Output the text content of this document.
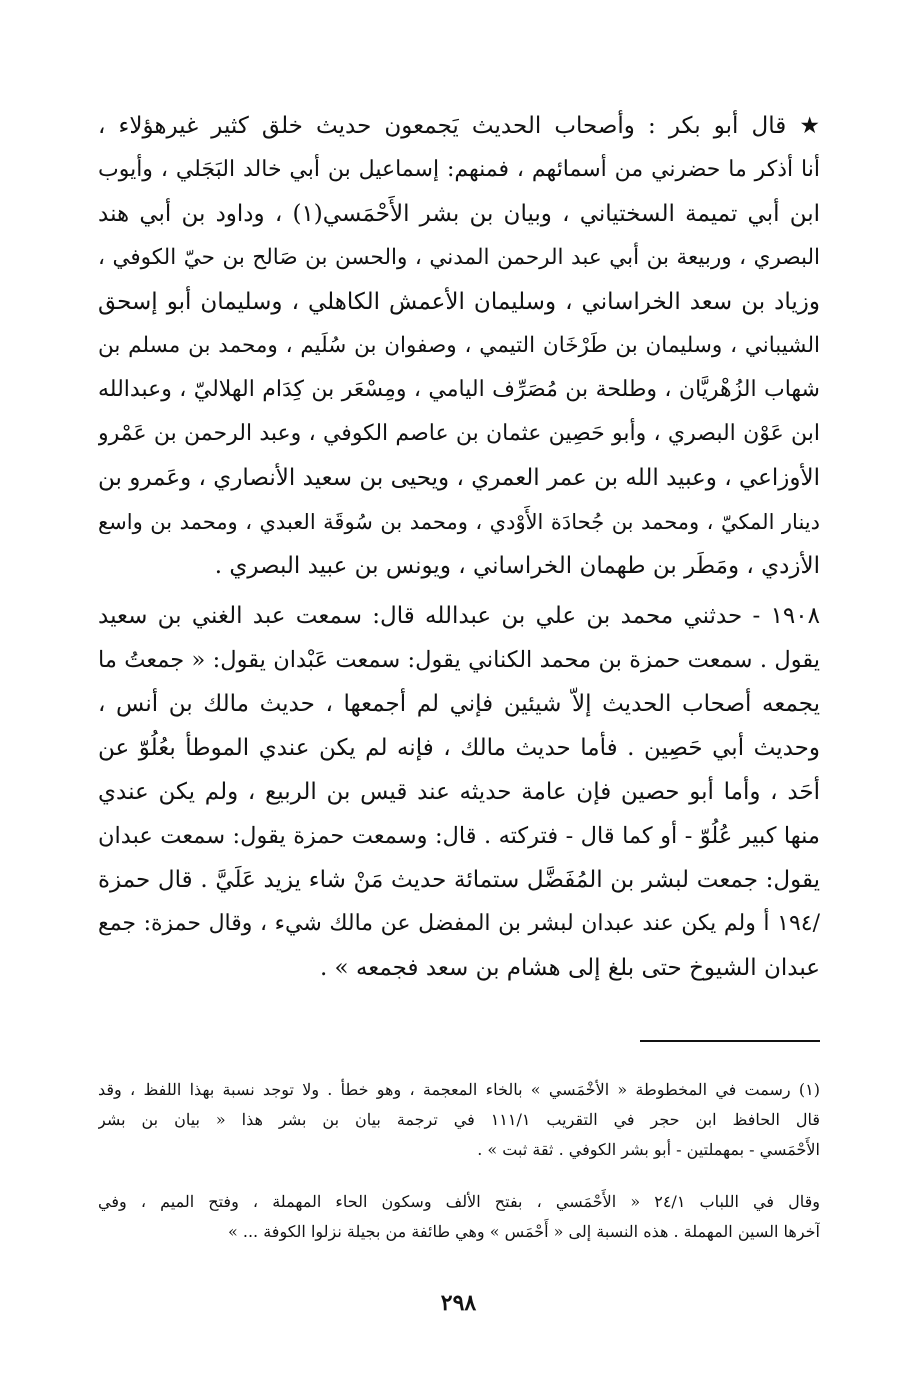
★ قال أبو بكر : وأصحاب الحديث يَجمعون حديث خلق كثير غيرهؤلاء ،
أنا أذكر ما حضرني من أسمائهم ، فمنهم: إسماعيل بن أبي خالد البَجَلي ، وأيوب
ابن أبي تميمة السختياني ، وبيان بن بشر الأَحْمَسي(١) ، وداود بن أبي هند
البصري ، وربيعة بن أبي عبد الرحمن المدني ، والحسن بن صَالح بن حيّ الكوفي ،
وزياد بن سعد الخراساني ، وسليمان الأعمش الكاهلي ، وسليمان أبو إسحق
الشيباني ، وسليمان بن طَرْخَان التيمي ، وصفوان بن سُلَيم ، ومحمد بن مسلم بن
شهاب الزُهْريَّان ، وطلحة بن مُصَرِّف اليامي ، ومِسْعَر بن كِدَام الهلاليّ ، وعبدالله
ابن عَوْن البصري ، وأبو حَصِين عثمان بن عاصم الكوفي ، وعبد الرحمن بن عَمْرو
الأوزاعي ، وعبيد الله بن عمر العمري ، ويحيى بن سعيد الأنصاري ، وعَمرو بن
دينار المكيّ ، ومحمد بن جُحادَة الأَوْدي ، ومحمد بن سُوقَة العبدي ، ومحمد بن واسع
الأزدي ، ومَطَر بن طهمان الخراساني ، ويونس بن عبيد البصري .
١٩٠٨ - حدثني محمد بن علي بن عبدالله قال: سمعت عبد الغني بن سعيد
يقول . سمعت حمزة بن محمد الكناني يقول: سمعت عَبْدان يقول: « جمعتُ ما
يجمعه أصحاب الحديث إلاّ شيئين فإني لم أجمعها ، حديث مالك بن أنس ،
وحديث أبي حَصِين . فأما حديث مالك ، فإنه لم يكن عندي الموطأ بعُلُوّ عن
أحَد ، وأما أبو حصين فإن عامة حديثه عند قيس بن الربيع ، ولم يكن عندي
منها كبير عُلُوّ - أو كما قال - فتركته . قال: وسمعت حمزة يقول: سمعت عبدان
يقول: جمعت لبشر بن المُفَضَّل ستمائة حديث مَنْ شاء يزيد عَلَيَّ . قال حمزة
/١٩٤ أ ولم يكن عند عبدان لبشر بن المفضل عن مالك شيء ، وقال حمزة: جمع
عبدان الشيوخ حتى بلغ إلى هشام بن سعد فجمعه » .
(١) رسمت في المخطوطة « الأخْمَسي » بالخاء المعجمة ، وهو خطأ . ولا توجد نسبة بهذا اللفظ ، وقد
قال الحافظ ابن حجر في التقريب ١١١/١ في ترجمة بيان بن بشر هذا « بيان بن بشر
الأَحْمَسي - بمهملتين - أبو بشر الكوفي . ثقة ثبت » .
وقال في اللباب ٢٤/١ « الأَحْمَسي ، بفتح الألف وسكون الحاء المهملة ، وفتح الميم ، وفي
آخرها السين المهملة . هذه النسبة إلى « أَحْمَس » وهي طائفة من بجيلة نزلوا الكوفة ... »
٢٩٨
